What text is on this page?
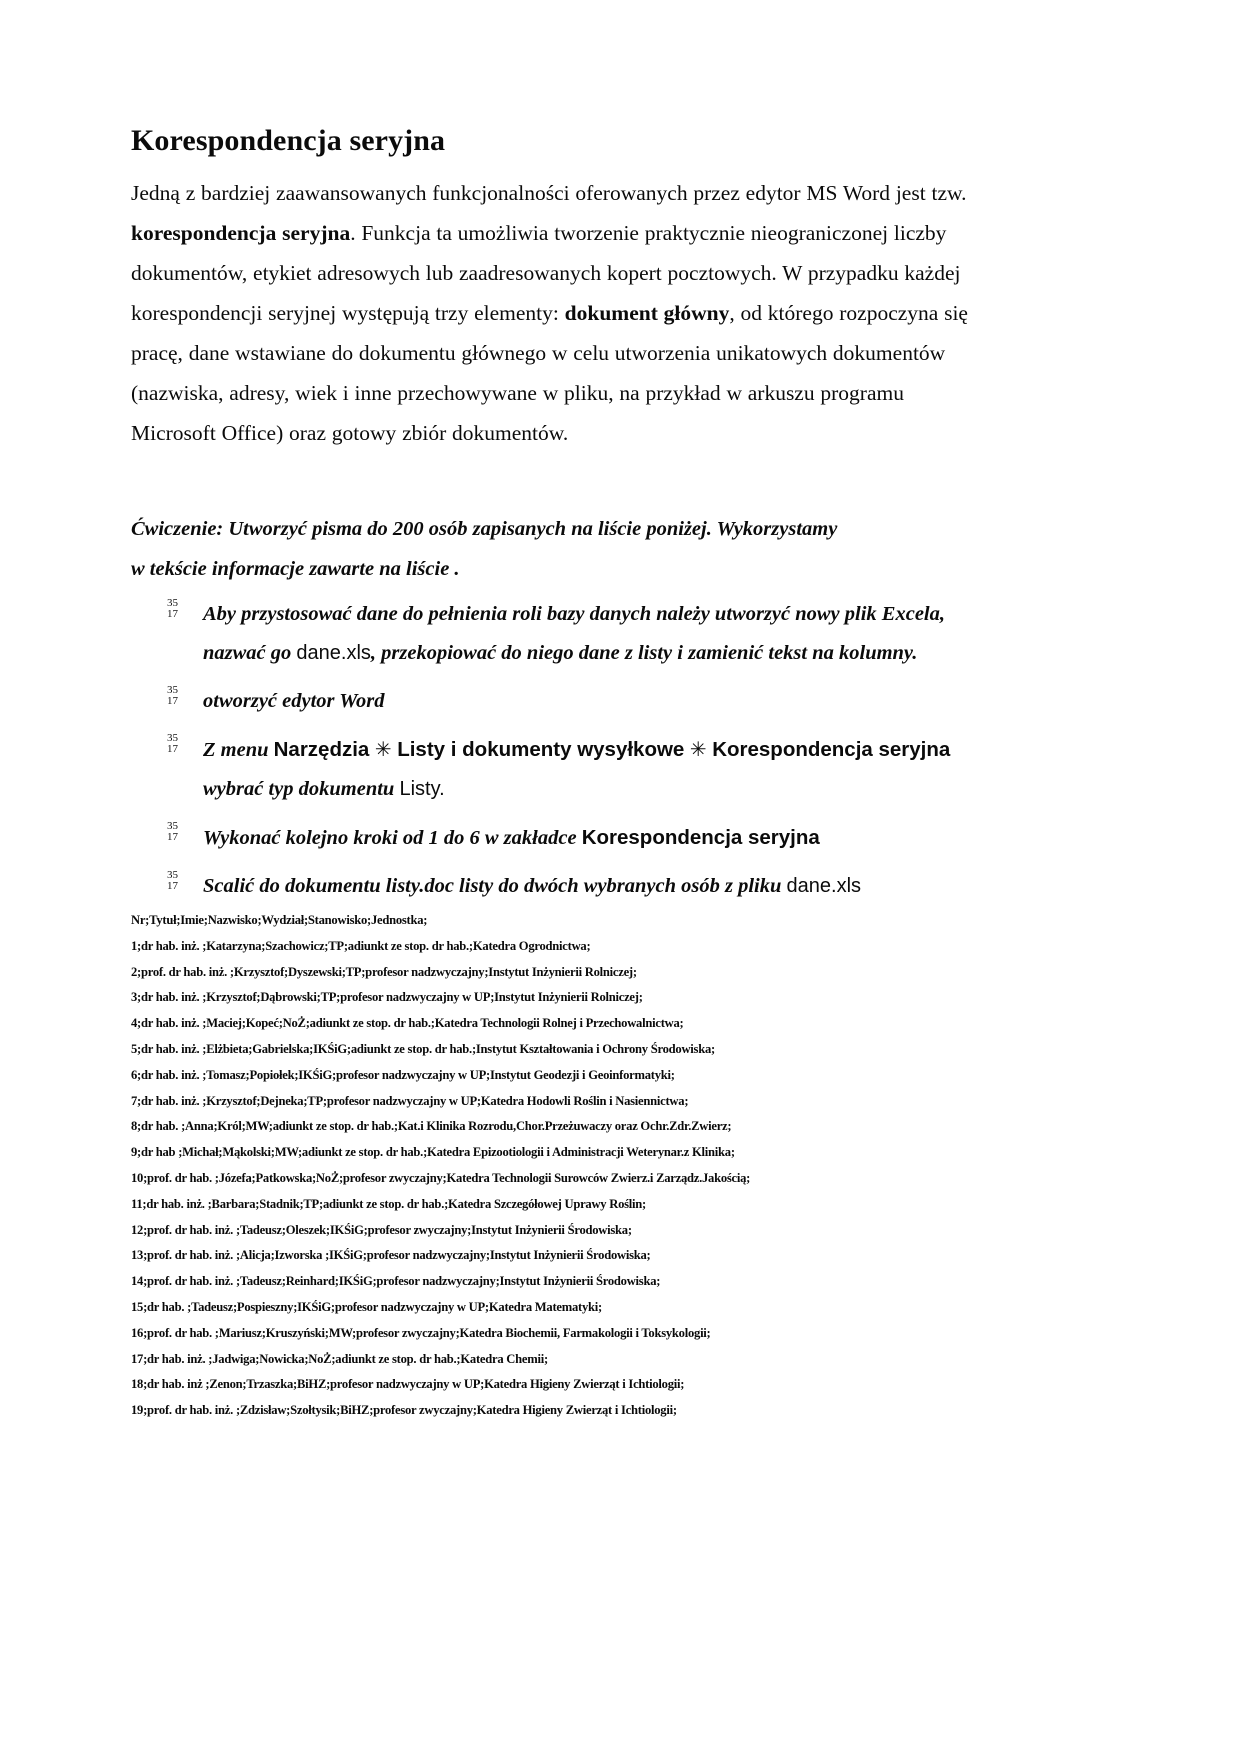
Korespondencja seryjna

Jedną z bardziej zaawansowanych funkcjonalności oferowanych przez edytor MS Word jest tzw. korespondencja seryjna. Funkcja ta umożliwia tworzenie praktycznie nieograniczonej liczby dokumentów, etykiet adresowych lub zaadresowanych kopert pocztowych. W przypadku każdej korespondencji seryjnej występują trzy elementy: dokument główny, od którego rozpoczyna się pracę, dane wstawiane do dokumentu głównego w celu utworzenia unikatowych dokumentów (nazwiska, adresy, wiek i inne przechowywane w pliku, na przykład w arkuszu programu Microsoft Office) oraz gotowy zbiór dokumentów.

Ćwiczenie: Utworzyć pisma do 200 osób zapisanych na liście poniżej. Wykorzystamy

w tekście informacje zawarte na liście .

35
17	Aby przystosować dane do pełnienia roli bazy danych należy utworzyć nowy plik Excela, nazwać go dane.xls, przekopiować do niego dane z listy i zamienić tekst na kolumny.
35
17	otworzyć edytor Word
35
17	Z menu Narzędzia ✳ Listy i dokumenty wysyłkowe ✳ Korespondencja seryjna wybrać typ dokumentu Listy.
35
17	Wykonać kolejno kroki od 1 do 6 w zakładce Korespondencja seryjna
35
17	Scalić do dokumentu listy.doc listy do dwóch wybranych osób z pliku dane.xls
Nr;Tytuł;Imie;Nazwisko;Wydział;Stanowisko;Jednostka;
1;dr hab. inż. ;Katarzyna;Szachowicz;TP;adiunkt ze stop. dr hab.;Katedra Ogrodnictwa;
2;prof. dr hab. inż. ;Krzysztof;Dyszewski;TP;profesor nadzwyczajny;Instytut Inżynierii Rolniczej;
3;dr hab. inż. ;Krzysztof;Dąbrowski;TP;profesor nadzwyczajny w UP;Instytut Inżynierii Rolniczej;
4;dr hab. inż. ;Maciej;Kopeć;NoŻ;adiunkt ze stop. dr hab.;Katedra Technologii Rolnej i Przechowalnictwa;
5;dr hab. inż. ;Elżbieta;Gabrielska;IKŚiG;adiunkt ze stop. dr hab.;Instytut Kształtowania i Ochrony Środowiska;
6;dr hab. inż. ;Tomasz;Popiołek;IKŚiG;profesor nadzwyczajny w UP;Instytut Geodezji i Geoinformatyki;
7;dr hab. inż. ;Krzysztof;Dejneka;TP;profesor nadzwyczajny w UP;Katedra Hodowli Roślin i Nasiennictwa;
8;dr hab. ;Anna;Król;MW;adiunkt ze stop. dr hab.;Kat.i Klinika Rozrodu,Chor.Przeżuwaczy oraz Ochr.Zdr.Zwierz;
9;dr hab ;Michał;Mąkolski;MW;adiunkt ze stop. dr hab.;Katedra Epizootiologii i Administracji Weterynar.z Klinika;
10;prof. dr hab. ;Józefa;Patkowska;NoŻ;profesor zwyczajny;Katedra Technologii Surowców Zwierz.i Zarządz.Jakością;
11;dr hab. inż. ;Barbara;Stadnik;TP;adiunkt ze stop. dr hab.;Katedra Szczegółowej Uprawy Roślin;
12;prof. dr hab. inż. ;Tadeusz;Oleszek;IKŚiG;profesor zwyczajny;Instytut Inżynierii Środowiska;
13;prof. dr hab. inż. ;Alicja;Izworska ;IKŚiG;profesor nadzwyczajny;Instytut Inżynierii Środowiska;
14;prof. dr hab. inż. ;Tadeusz;Reinhard;IKŚiG;profesor nadzwyczajny;Instytut Inżynierii Środowiska;
15;dr hab. ;Tadeusz;Pospieszny;IKŚiG;profesor nadzwyczajny w UP;Katedra Matematyki;
16;prof. dr hab. ;Mariusz;Kruszyński;MW;profesor zwyczajny;Katedra Biochemii, Farmakologii i Toksykologii;
17;dr hab. inż. ;Jadwiga;Nowicka;NoŻ;adiunkt ze stop. dr hab.;Katedra Chemii;
18;dr hab. inż ;Zenon;Trzaszka;BiHZ;profesor nadzwyczajny w UP;Katedra Higieny Zwierząt i Ichtiologii;
19;prof. dr hab. inż. ;Zdzisław;Szołtysik;BiHZ;profesor zwyczajny;Katedra Higieny Zwierząt i Ichtiologii;
